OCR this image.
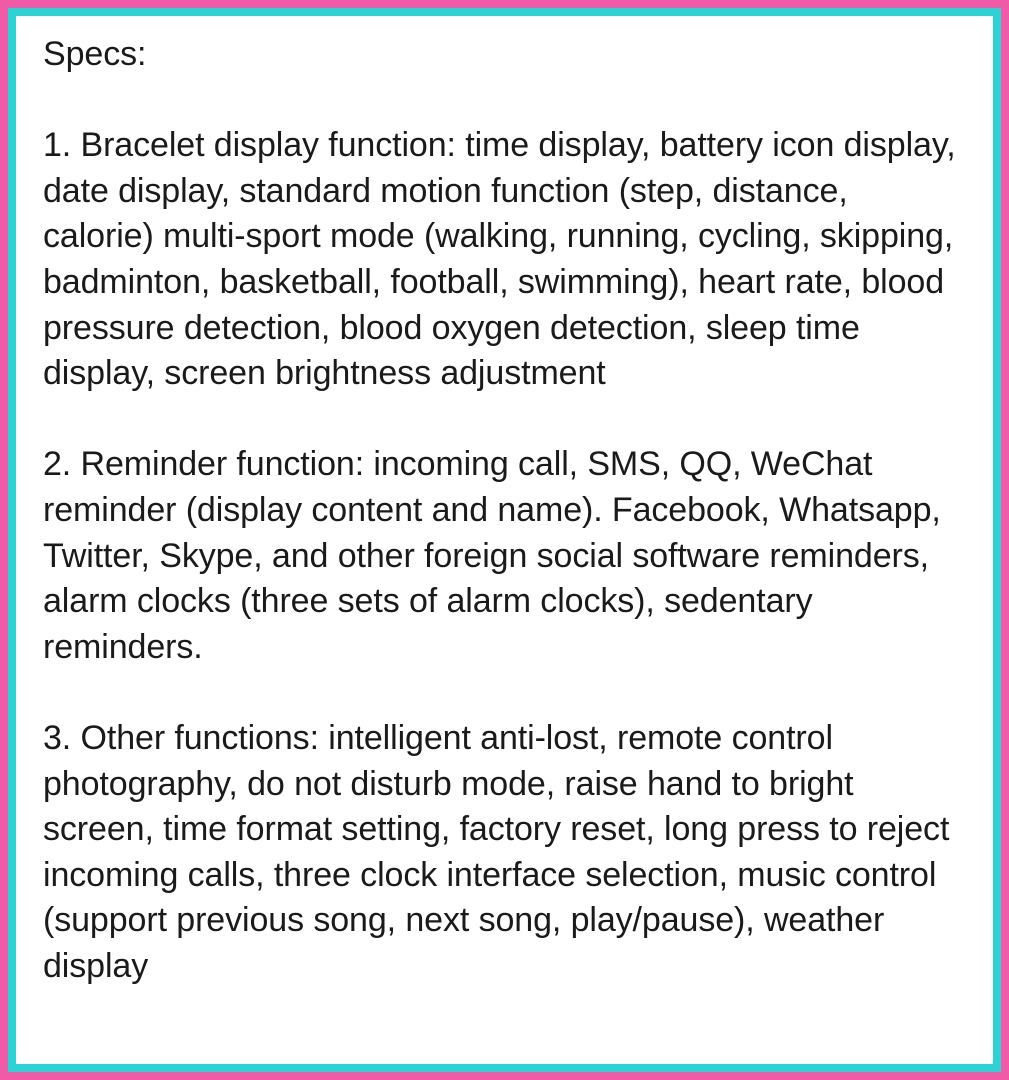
Specs:

1. Bracelet display function: time display, battery icon display, date display, standard motion function (step, distance, calorie) multi-sport mode (walking, running, cycling, skipping, badminton, basketball, football, swimming), heart rate, blood pressure detection, blood oxygen detection, sleep time display, screen brightness adjustment

2. Reminder function: incoming call, SMS, QQ, WeChat reminder (display content and name). Facebook, Whatsapp, Twitter, Skype, and other foreign social software reminders, alarm clocks (three sets of alarm clocks), sedentary reminders.

3. Other functions: intelligent anti-lost, remote control photography, do not disturb mode, raise hand to bright screen, time format setting, factory reset, long press to reject incoming calls, three clock interface selection, music control (support previous song, next song, play/pause), weather display
